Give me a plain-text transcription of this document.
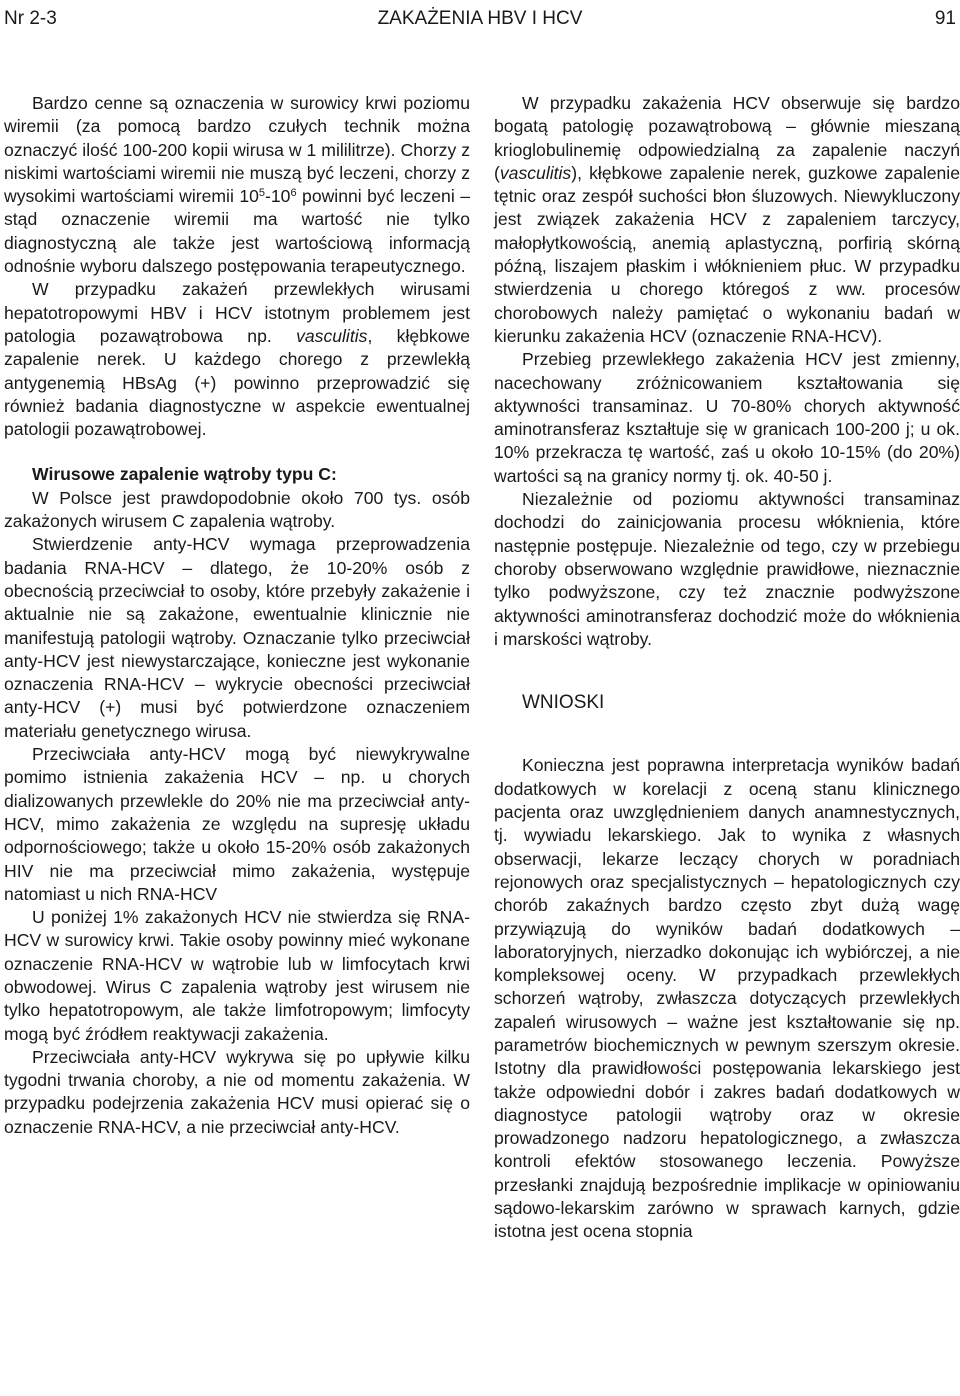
Nr 2-3	ZAKAŻENIA HBV I HCV	91

Bardzo cenne są oznaczenia w surowicy krwi poziomu wiremii (za pomocą bardzo czułych technik można oznaczyć ilość 100-200 kopii wirusa w 1 mililitrze). Chorzy z niskimi wartościami wiremii nie muszą być leczeni, chorzy z wysokimi wartościami wiremii $10^5-10^6$ powinni być leczeni – stąd oznaczenie wiremii ma wartość nie tylko diagnostyczną ale także jest wartościową informacją odnośnie wyboru dalszego postępowania terapeutycznego.

W przypadku zakażeń przewlekłych wirusami hepatotropowymi HBV i HCV istotnym problemem jest patologia pozawątrobowa np. vasculitis, kłębkowe zapalenie nerek. U każdego chorego z przewlekłą antygenemią HBsAg (+) powinno przeprowadzić się również badania diagnostyczne w aspekcie ewentualnej patologii pozawątrobowej.

Wirusowe zapalenie wątroby typu C:

W Polsce jest prawdopodobnie około 700 tys. osób zakażonych wirusem C zapalenia wątroby.

Stwierdzenie anty-HCV wymaga przeprowadzenia badania RNA-HCV – dlatego, że 10-20% osób z obecnością przeciwciał to osoby, które przebyły zakażenie i aktualnie nie są zakażone, ewentualnie klinicznie nie manifestują patologii wątroby. Oznaczanie tylko przeciwciał anty-HCV jest niewystarczające, konieczne jest wykonanie oznaczenia RNA-HCV – wykrycie obecności przeciwciał anty-HCV (+) musi być potwierdzone oznaczeniem materiału genetycznego wirusa.

Przeciwciała anty-HCV mogą być niewykrywalne pomimo istnienia zakażenia HCV – np. u chorych dializowanych przewlekle do 20% nie ma przeciwciał anty-HCV, mimo zakażenia ze względu na supresję układu odpornościowego; także u około 15-20% osób zakażonych HIV nie ma przeciwciał mimo zakażenia, występuje natomiast u nich RNA-HCV

U poniżej 1% zakażonych HCV nie stwierdza się RNA-HCV w surowicy krwi. Takie osoby powinny mieć wykonane oznaczenie RNA-HCV w wątrobie lub w limfocytach krwi obwodowej. Wirus C zapalenia wątroby jest wirusem nie tylko hepatotropowym, ale także limfotropowym; limfocyty mogą być źródłem reaktywacji zakażenia.

Przeciwciała anty-HCV wykrywa się po upływie kilku tygodni trwania choroby, a nie od momentu zakażenia. W przypadku podejrzenia zakażenia HCV musi opierać się o oznaczenie RNA-HCV, a nie przeciwciał anty-HCV.

W przypadku zakażenia HCV obserwuje się bardzo bogatą patologię pozawątrobową – głównie mieszaną krioglobulinemię odpowiedzialną za zapalenie naczyń (vasculitis), kłębkowe zapalenie nerek, guzkowe zapalenie tętnic oraz zespół suchości błon śluzowych. Niewykluczony jest związek zakażenia HCV z zapaleniem tarczycy, małopłytkowością, anemią aplastyczną, porfirią skórną późną, liszajem płaskim i włóknieniem płuc. W przypadku stwierdzenia u chorego któregoś z ww. procesów chorobowych należy pamiętać o wykonaniu badań w kierunku zakażenia HCV (oznaczenie RNA-HCV).

Przebieg przewlekłego zakażenia HCV jest zmienny, nacechowany zróżnicowaniem kształtowania się aktywności transaminaz. U 70-80% chorych aktywność aminotransferaz kształtuje się w granicach 100-200 j; u ok. 10% przekracza tę wartość, zaś u około 10-15% (do 20%) wartości są na granicy normy tj. ok. 40-50 j.

Niezależnie od poziomu aktywności transaminaz dochodzi do zainicjowania procesu włóknienia, które następnie postępuje. Niezależnie od tego, czy w przebiegu choroby obserwowano względnie prawidłowe, nieznacznie tylko podwyższone, czy też znacznie podwyższone aktywności aminotransferaz dochodzić może do włóknienia i marskości wątroby.

WNIOSKI

Konieczna jest poprawna interpretacja wyników badań dodatkowych w korelacji z oceną stanu klinicznego pacjenta oraz uwzględnieniem danych anamnestycznych, tj. wywiadu lekarskiego. Jak to wynika z własnych obserwacji, lekarze leczący chorych w poradniach rejonowych oraz specjalistycznych – hepatologicznych czy chorób zakaźnych bardzo często zbyt dużą wagę przywiązują do wyników badań dodatkowych – laboratoryjnych, nierzadko dokonując ich wybiórczej, a nie kompleksowej oceny. W przypadkach przewlekłych schorzeń wątroby, zwłaszcza dotyczących przewlekłych zapaleń wirusowych – ważne jest kształtowanie się np. parametrów biochemicznych w pewnym szerszym okresie. Istotny dla prawidłowości postępowania lekarskiego jest także odpowiedni dobór i zakres badań dodatkowych w diagnostyce patologii wątroby oraz w okresie prowadzonego nadzoru hepatologicznego, a zwłaszcza kontroli efektów stosowanego leczenia. Powyższe przesłanki znajdują bezpośrednie implikacje w opiniowaniu sądowo-lekarskim zarówno w sprawach karnych, gdzie istotna jest ocena stopnia
